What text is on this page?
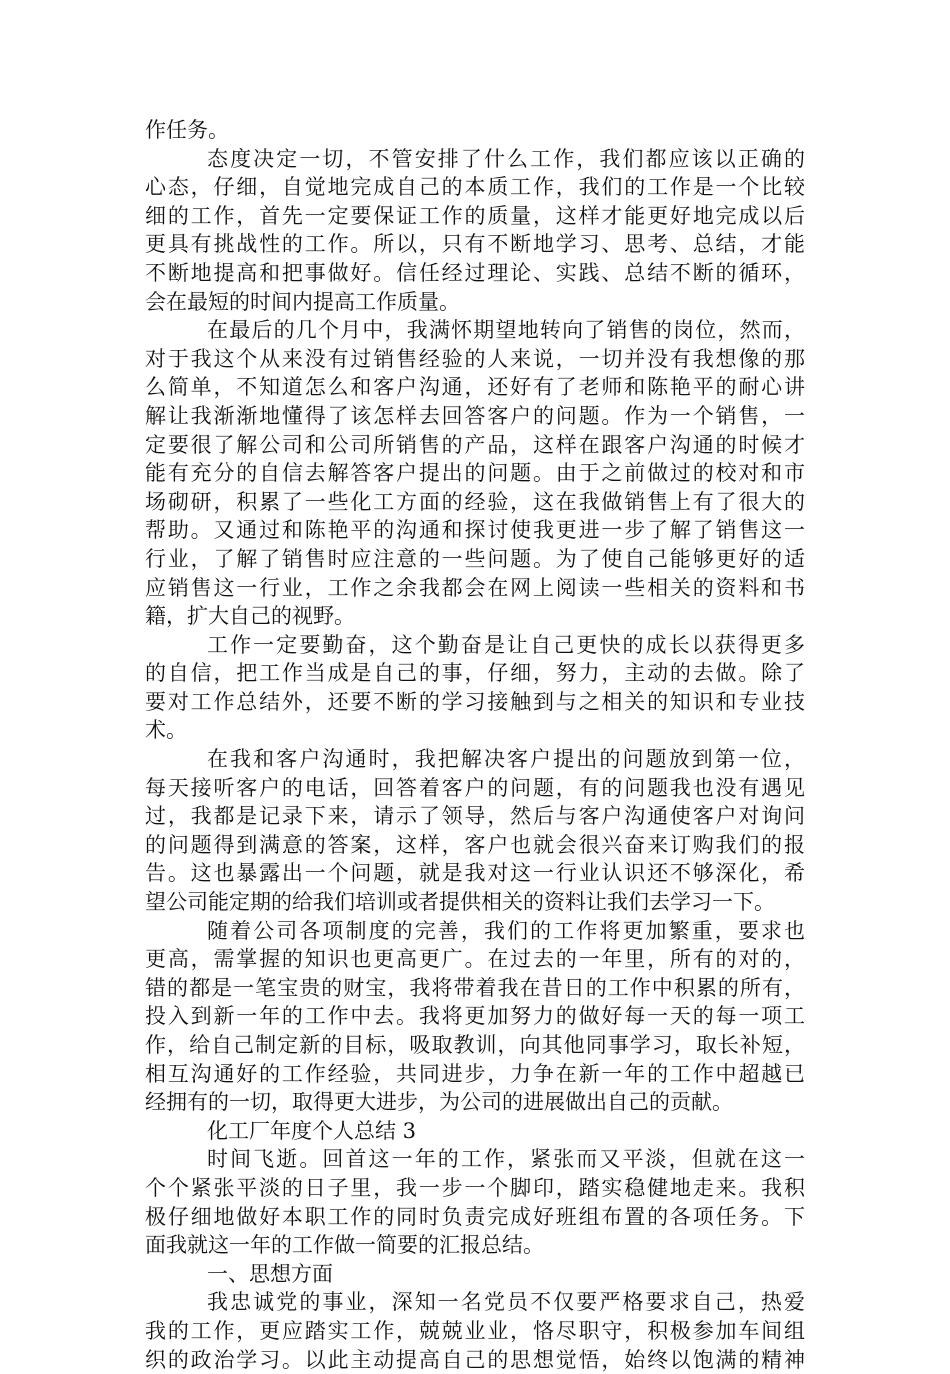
作任务。
态度决定一切，不管安排了什么工作，我们都应该以正确的
心态，仔细，自觉地完成自己的本质工作，我们的工作是一个比较
细的工作，首先一定要保证工作的质量，这样才能更好地完成以后
更具有挑战性的工作。所以，只有不断地学习、思考、总结，才能
不断地提高和把事做好。信任经过理论、实践、总结不断的循环，
会在最短的时间内提高工作质量。
在最后的几个月中，我满怀期望地转向了销售的岗位，然而，
对于我这个从来没有过销售经验的人来说，一切并没有我想像的那
么简单，不知道怎么和客户沟通，还好有了老师和陈艳平的耐心讲
解让我渐渐地懂得了该怎样去回答客户的问题。作为一个销售，一
定要很了解公司和公司所销售的产品，这样在跟客户沟通的时候才
能有充分的自信去解答客户提出的问题。由于之前做过的校对和市
场砌研，积累了一些化工方面的经验，这在我做销售上有了很大的
帮助。又通过和陈艳平的沟通和探讨使我更进一步了解了销售这一
行业，了解了销售时应注意的一些问题。为了使自己能够更好的适
应销售这一行业，工作之余我都会在网上阅读一些相关的资料和书
籍，扩大自己的视野。
工作一定要勤奋，这个勤奋是让自己更快的成长以获得更多
的自信，把工作当成是自己的事，仔细，努力，主动的去做。除了
要对工作总结外，还要不断的学习接触到与之相关的知识和专业技
术。
在我和客户沟通时，我把解决客户提出的问题放到第一位，
每天接听客户的电话，回答着客户的问题，有的问题我也没有遇见
过，我都是记录下来，请示了领导，然后与客户沟通使客户对询问
的问题得到满意的答案，这样，客户也就会很兴奋来订购我们的报
告。这也暴露出一个问题，就是我对这一行业认识还不够深化，希
望公司能定期的给我们培训或者提供相关的资料让我们去学习一下。
随着公司各项制度的完善，我们的工作将更加繁重，要求也
更高，需掌握的知识也更高更广。在过去的一年里，所有的对的，
错的都是一笔宝贵的财宝，我将带着我在昔日的工作中积累的所有，
投入到新一年的工作中去。我将更加努力的做好每一天的每一项工
作，给自己制定新的目标，吸取教训，向其他同事学习，取长补短，
相互沟通好的工作经验，共同进步，力争在新一年的工作中超越已
经拥有的一切，取得更大进步，为公司的进展做出自己的贡献。
化工厂年度个人总结 3
时间飞逝。回首这一年的工作，紧张而又平淡，但就在这一
个个紧张平淡的日子里，我一步一个脚印，踏实稳健地走来。我积
极仔细地做好本职工作的同时负责完成好班组布置的各项任务。下
面我就这一年的工作做一简要的汇报总结。
一、思想方面
我忠诚党的事业，深知一名党员不仅要严格要求自己，热爱
我的工作，更应踏实工作，兢兢业业，恪尽职守，积极参加车间组
织的政治学习。以此主动提高自己的思想觉悟，始终以饱满的精神
